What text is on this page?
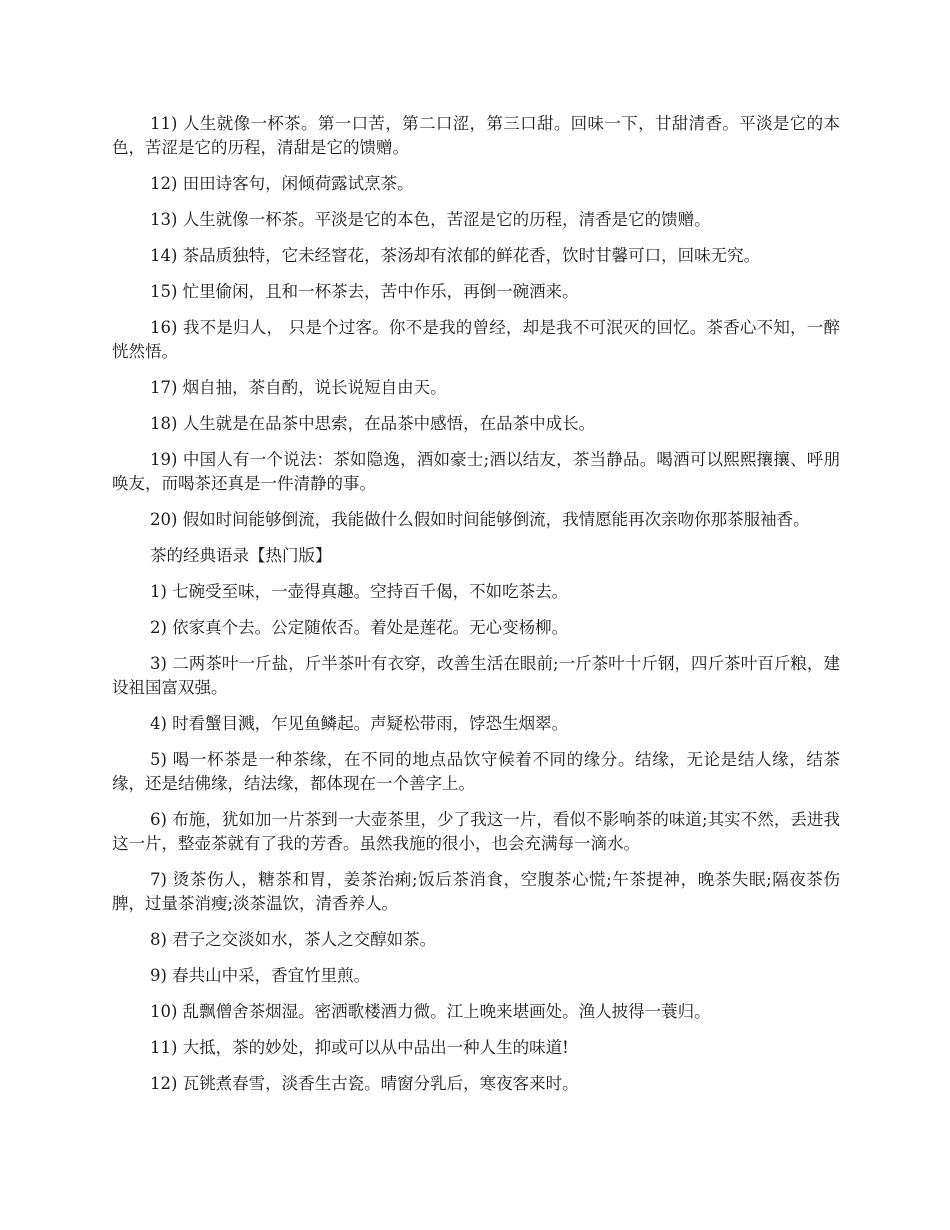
11) 人生就像一杯茶。第一口苦，第二口涩，第三口甜。回味一下，甘甜清香。平淡是它的本色，苦涩是它的历程，清甜是它的馈赠。

12) 田田诗客句，闲倾荷露试烹茶。

13) 人生就像一杯茶。平淡是它的本色，苦涩是它的历程，清香是它的馈赠。

14) 茶品质独特，它未经窨花，茶汤却有浓郁的鲜花香，饮时甘馨可口，回味无究。

15) 忙里偷闲，且和一杯茶去，苦中作乐，再倒一碗酒来。

16) 我不是归人， 只是个过客。你不是我的曾经，却是我不可泯灭的回忆。茶香心不知，一醉恍然悟。

17) 烟自抽，茶自酌，说长说短自由天。

18) 人生就是在品茶中思索，在品茶中感悟，在品茶中成长。

19) 中国人有一个说法：茶如隐逸，酒如豪士;酒以结友，茶当静品。喝酒可以熙熙攘攘、呼朋唤友，而喝茶还真是一件清静的事。

20) 假如时间能够倒流，我能做什么假如时间能够倒流，我情愿能再次亲吻你那茶服袖香。

茶的经典语录【热门版】

1) 七碗受至味，一壶得真趣。空持百千偈，不如吃茶去。

2) 依家真个去。公定随侬否。着处是莲花。无心变杨柳。

3) 二两茶叶一斤盐，斤半茶叶有衣穿，改善生活在眼前;一斤茶叶十斤钢，四斤茶叶百斤粮，建设祖国富双强。

4) 时看蟹目溅，乍见鱼鳞起。声疑松带雨，饽恐生烟翠。

5) 喝一杯茶是一种茶缘，在不同的地点品饮守候着不同的缘分。结缘，无论是结人缘，结茶缘，还是结佛缘，结法缘，都体现在一个善字上。

6) 布施，犹如加一片茶到一大壶茶里，少了我这一片，看似不影响茶的味道;其实不然，丢进我这一片，整壶茶就有了我的芳香。虽然我施的很小，也会充满每一滴水。

7) 烫茶伤人，糖茶和胃，姜茶治痢;饭后茶消食，空腹茶心慌;午茶提神，晚茶失眠;隔夜茶伤脾，过量茶消瘦;淡茶温饮，清香养人。

8) 君子之交淡如水，茶人之交醇如茶。

9) 春共山中采，香宜竹里煎。

10) 乱飘僧舍茶烟湿。密洒歌楼酒力微。江上晚来堪画处。渔人披得一蓑归。

11) 大抵，茶的妙处，抑或可以从中品出一种人生的味道!

12) 瓦铫煮春雪，淡香生古瓷。晴窗分乳后，寒夜客来时。
